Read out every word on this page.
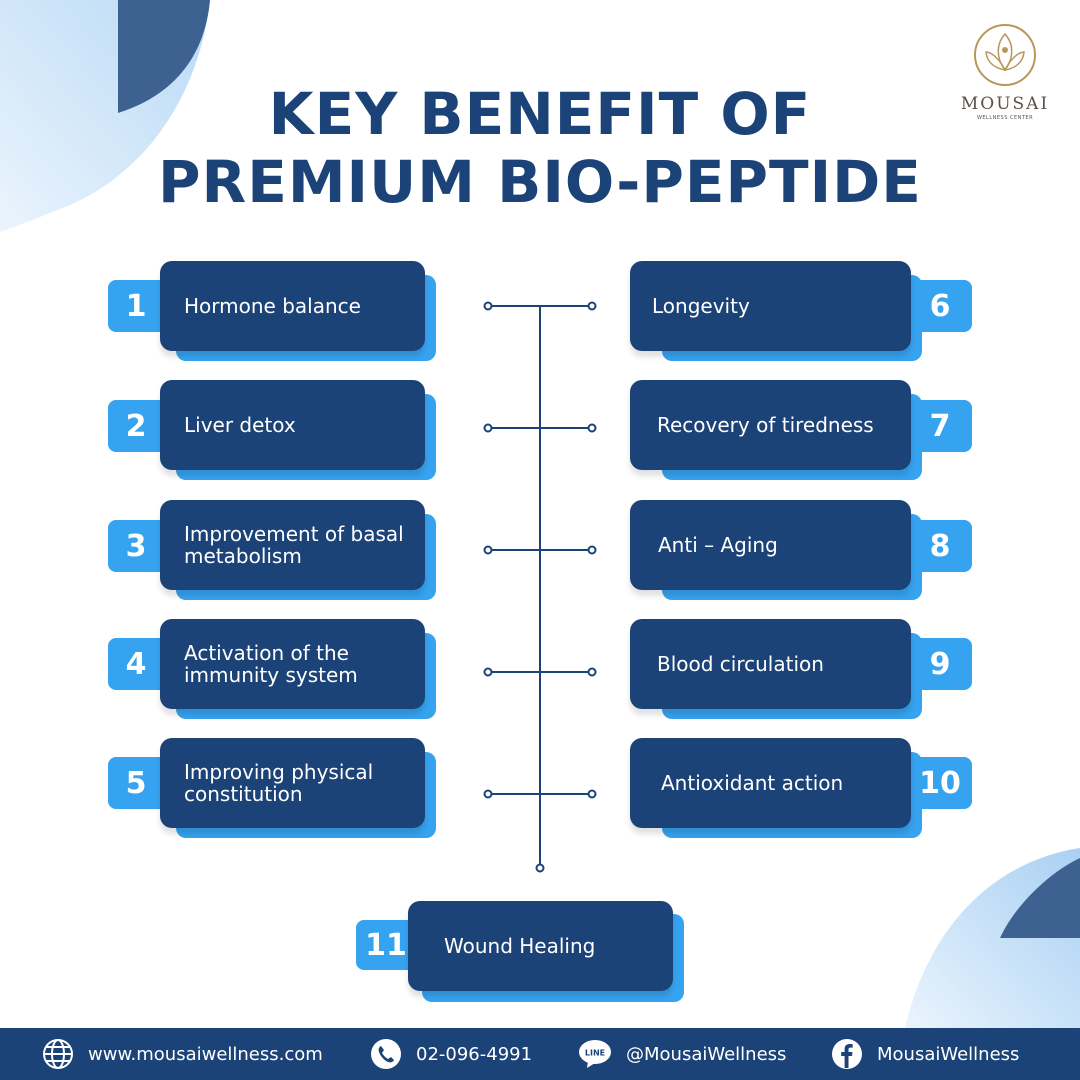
KEY BENEFIT OF
PREMIUM BIO-PEPTIDE
MOUSAI
WELLNESS CENTER
1	Hormone balance
2	Liver detox
3	Improvement of basal metabolism
4	Activation of the immunity system
5	Improving physical constitution
6
Longevity
7
Recovery of tiredness
8
Anti – Aging
9
Blood circulation
10
Antioxidant action
11	Wound Healing
www.mousaiwellness.com	02-096-4991	LINE @MousaiWellness	MousaiWellness
